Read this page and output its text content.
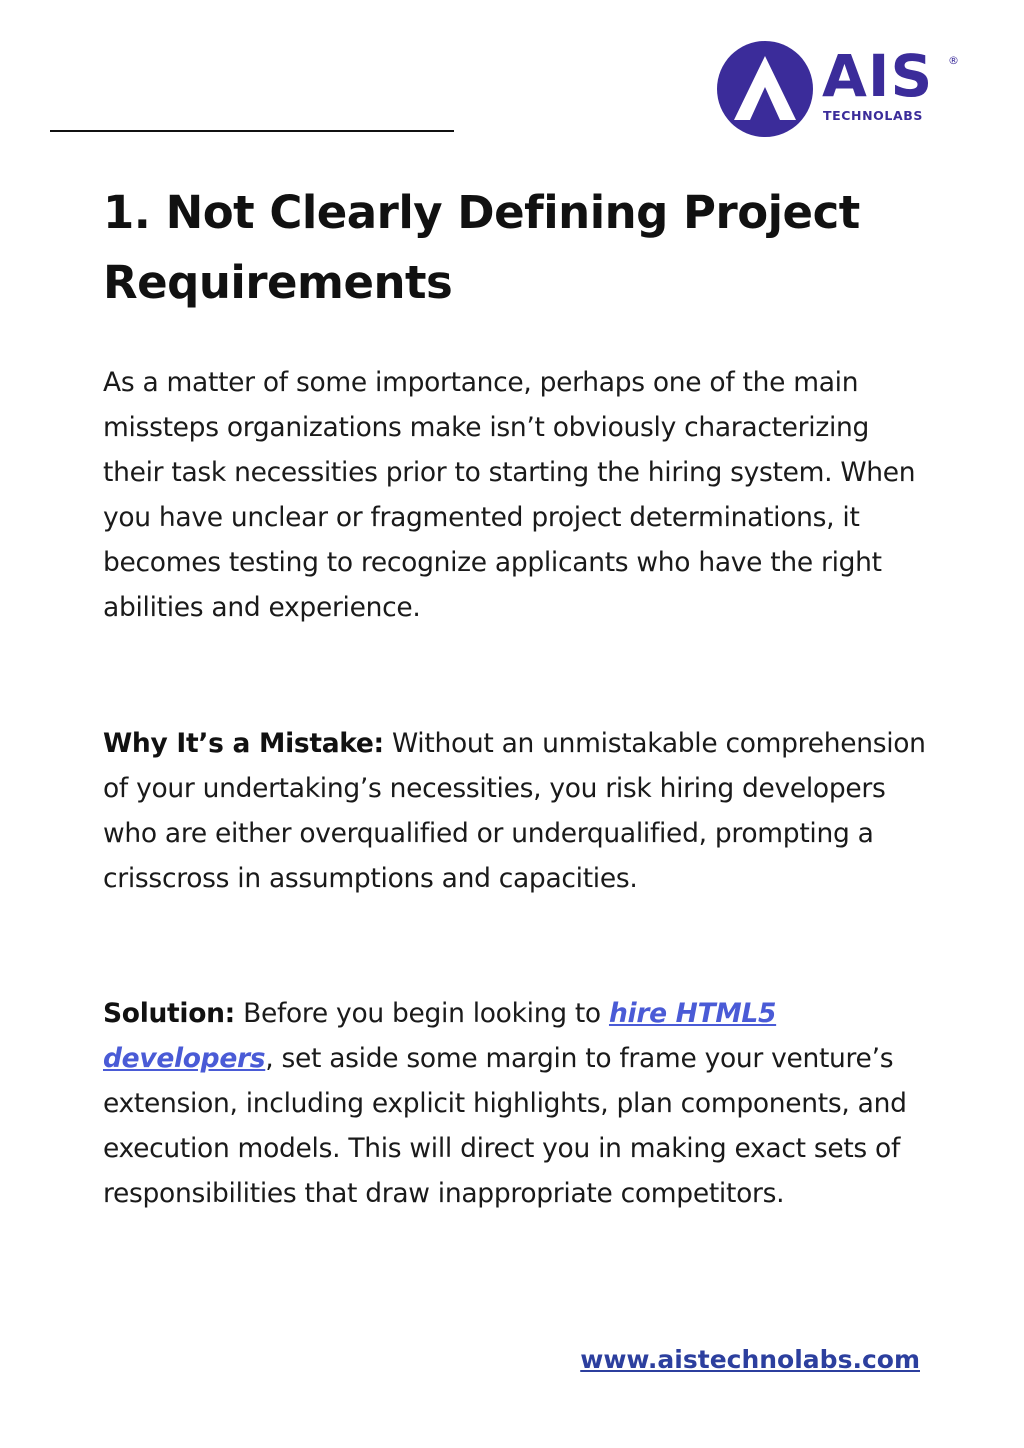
AIS ®
TECHNOLABS
1. Not Clearly Defining Project Requirements

As a matter of some importance, perhaps one of the main missteps organizations make isn’t obviously characterizing their task necessities prior to starting the hiring system. When you have unclear or fragmented project determinations, it becomes testing to recognize applicants who have the right abilities and experience.

Why It’s a Mistake: Without an unmistakable comprehension of your undertaking’s necessities, you risk hiring developers who are either overqualified or underqualified, prompting a crisscross in assumptions and capacities.

Solution: Before you begin looking to hire HTML5 developers, set aside some margin to frame your venture’s extension, including explicit highlights, plan components, and execution models. This will direct you in making exact sets of responsibilities that draw inappropriate competitors.

www.aistechnolabs.com
